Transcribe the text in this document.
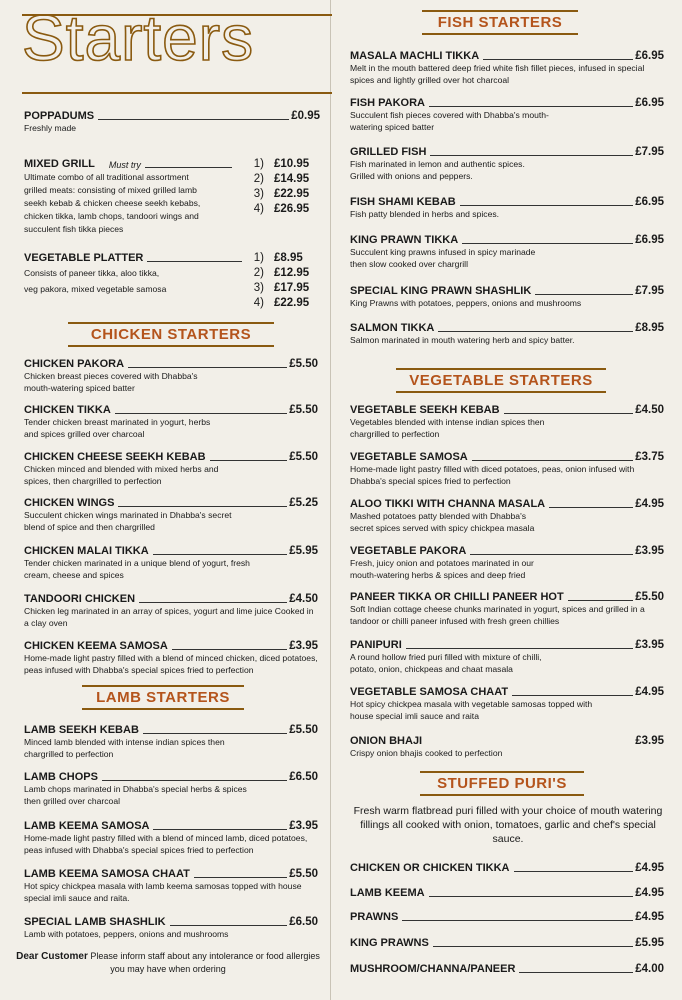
Starters
POPPADUMS	£0.95
Freshly made
MIXED GRILL Must try
Ultimate combo of all traditional assortment
grilled meats: consisting of mixed grilled lamb
seekh kebab & chicken cheese seekh kebabs,
chicken tikka, lamb chops, tandoori wings and
succulent fish tikka pieces
1) £10.95
2) £14.95
3) £22.95
4) £26.95
VEGETABLE PLATTER
Consists of paneer tikka, aloo tikka,
veg pakora, mixed vegetable samosa
1) £8.95
2) £12.95
3) £17.95
4) £22.95
CHICKEN STARTERS
CHICKEN PAKORA	£5.50
Chicken breast pieces covered with Dhabba's mouth-watering spiced batter
CHICKEN TIKKA	£5.50
Tender chicken breast marinated in yogurt, herbs and spices grilled over charcoal
CHICKEN CHEESE SEEKH KEBAB	£5.50
Chicken minced and blended with mixed herbs and spices, then chargrilled to perfection
CHICKEN WINGS	£5.25
Succulent chicken wings marinated in Dhabba's secret blend of spice and then chargrilled
CHICKEN MALAI TIKKA	£5.95
Tender chicken marinated in a unique blend of yogurt, fresh cream, cheese and spices
TANDOORI CHICKEN	£4.50
Chicken leg marinated in an array of spices, yogurt and lime juice Cooked in a clay oven
CHICKEN KEEMA SAMOSA	£3.95
Home-made light pastry filled with a blend of minced chicken, diced potatoes, peas infused with Dhabba's special spices fried to perfection
LAMB STARTERS
LAMB SEEKH KEBAB	£5.50
Minced lamb blended with intense indian spices then chargrilled to perfection
LAMB CHOPS	£6.50
Lamb chops marinated in Dhabba's special herbs & spices then grilled over charcoal
LAMB KEEMA SAMOSA	£3.95
Home-made light pastry filled with a blend of minced lamb, diced potatoes, peas infused with Dhabba's special spices fried to perfection
LAMB KEEMA SAMOSA CHAAT	£5.50
Hot spicy chickpea masala with lamb keema samosas topped with house special imli sauce and raita.
SPECIAL LAMB SHASHLIK	£6.50
Lamb with potatoes, peppers, onions and mushrooms
Dear Customer Please inform staff about any intolerance or food allergies you may have when ordering
FISH STARTERS
MASALA MACHLI TIKKA	£6.95
Melt in the mouth battered deep fried white fish fillet pieces, infused in special spices and lightly grilled over hot charcoal
FISH PAKORA	£6.95
Succulent fish pieces covered with Dhabba's mouth-watering spiced batter
GRILLED FISH	£7.95
Fish marinated in lemon and authentic spices. Grilled with onions and peppers.
FISH SHAMI KEBAB	£6.95
Fish patty blended in herbs and spices.
KING PRAWN TIKKA	£6.95
Succulent king prawns infused in spicy marinade then slow cooked over chargrill
SPECIAL KING PRAWN SHASHLIK	£7.95
King Prawns with potatoes, peppers, onions and mushrooms
SALMON TIKKA	£8.95
Salmon marinated in mouth watering herb and spicy batter.
VEGETABLE STARTERS
VEGETABLE SEEKH KEBAB	£4.50
Vegetables blended with intense indian spices then chargrilled to perfection
VEGETABLE SAMOSA	£3.75
Home-made light pastry filled with diced potatoes, peas, onion infused with Dhabba's special spices fried to perfection
ALOO TIKKI WITH CHANNA MASALA	£4.95
Mashed potatoes patty blended with Dhabba's secret spices served with spicy chickpea masala
VEGETABLE PAKORA	£3.95
Fresh, juicy onion and potatoes marinated in our mouth-watering herbs & spices and deep fried
PANEER TIKKA OR CHILLI PANEER HOT	£5.50
Soft Indian cottage cheese chunks marinated in yogurt, spices and grilled in a tandoor or chilli paneer infused with fresh green chillies
PANIPURI	£3.95
A round hollow fried puri filled with mixture of chilli, potato, onion, chickpeas and chaat masala
VEGETABLE SAMOSA CHAAT	£4.95
Hot spicy chickpea masala with vegetable samosas topped with house special imli sauce and raita
ONION BHAJI	£3.95
Crispy onion bhajis cooked to perfection
STUFFED PURI'S
Fresh warm flatbread puri filled with your choice of mouth watering fillings all cooked with onion, tomatoes, garlic and chef's special sauce.
CHICKEN OR CHICKEN TIKKA	£4.95
LAMB KEEMA	£4.95
PRAWNS	£4.95
KING PRAWNS	£5.95
MUSHROOM/CHANNA/PANEER	£4.00
